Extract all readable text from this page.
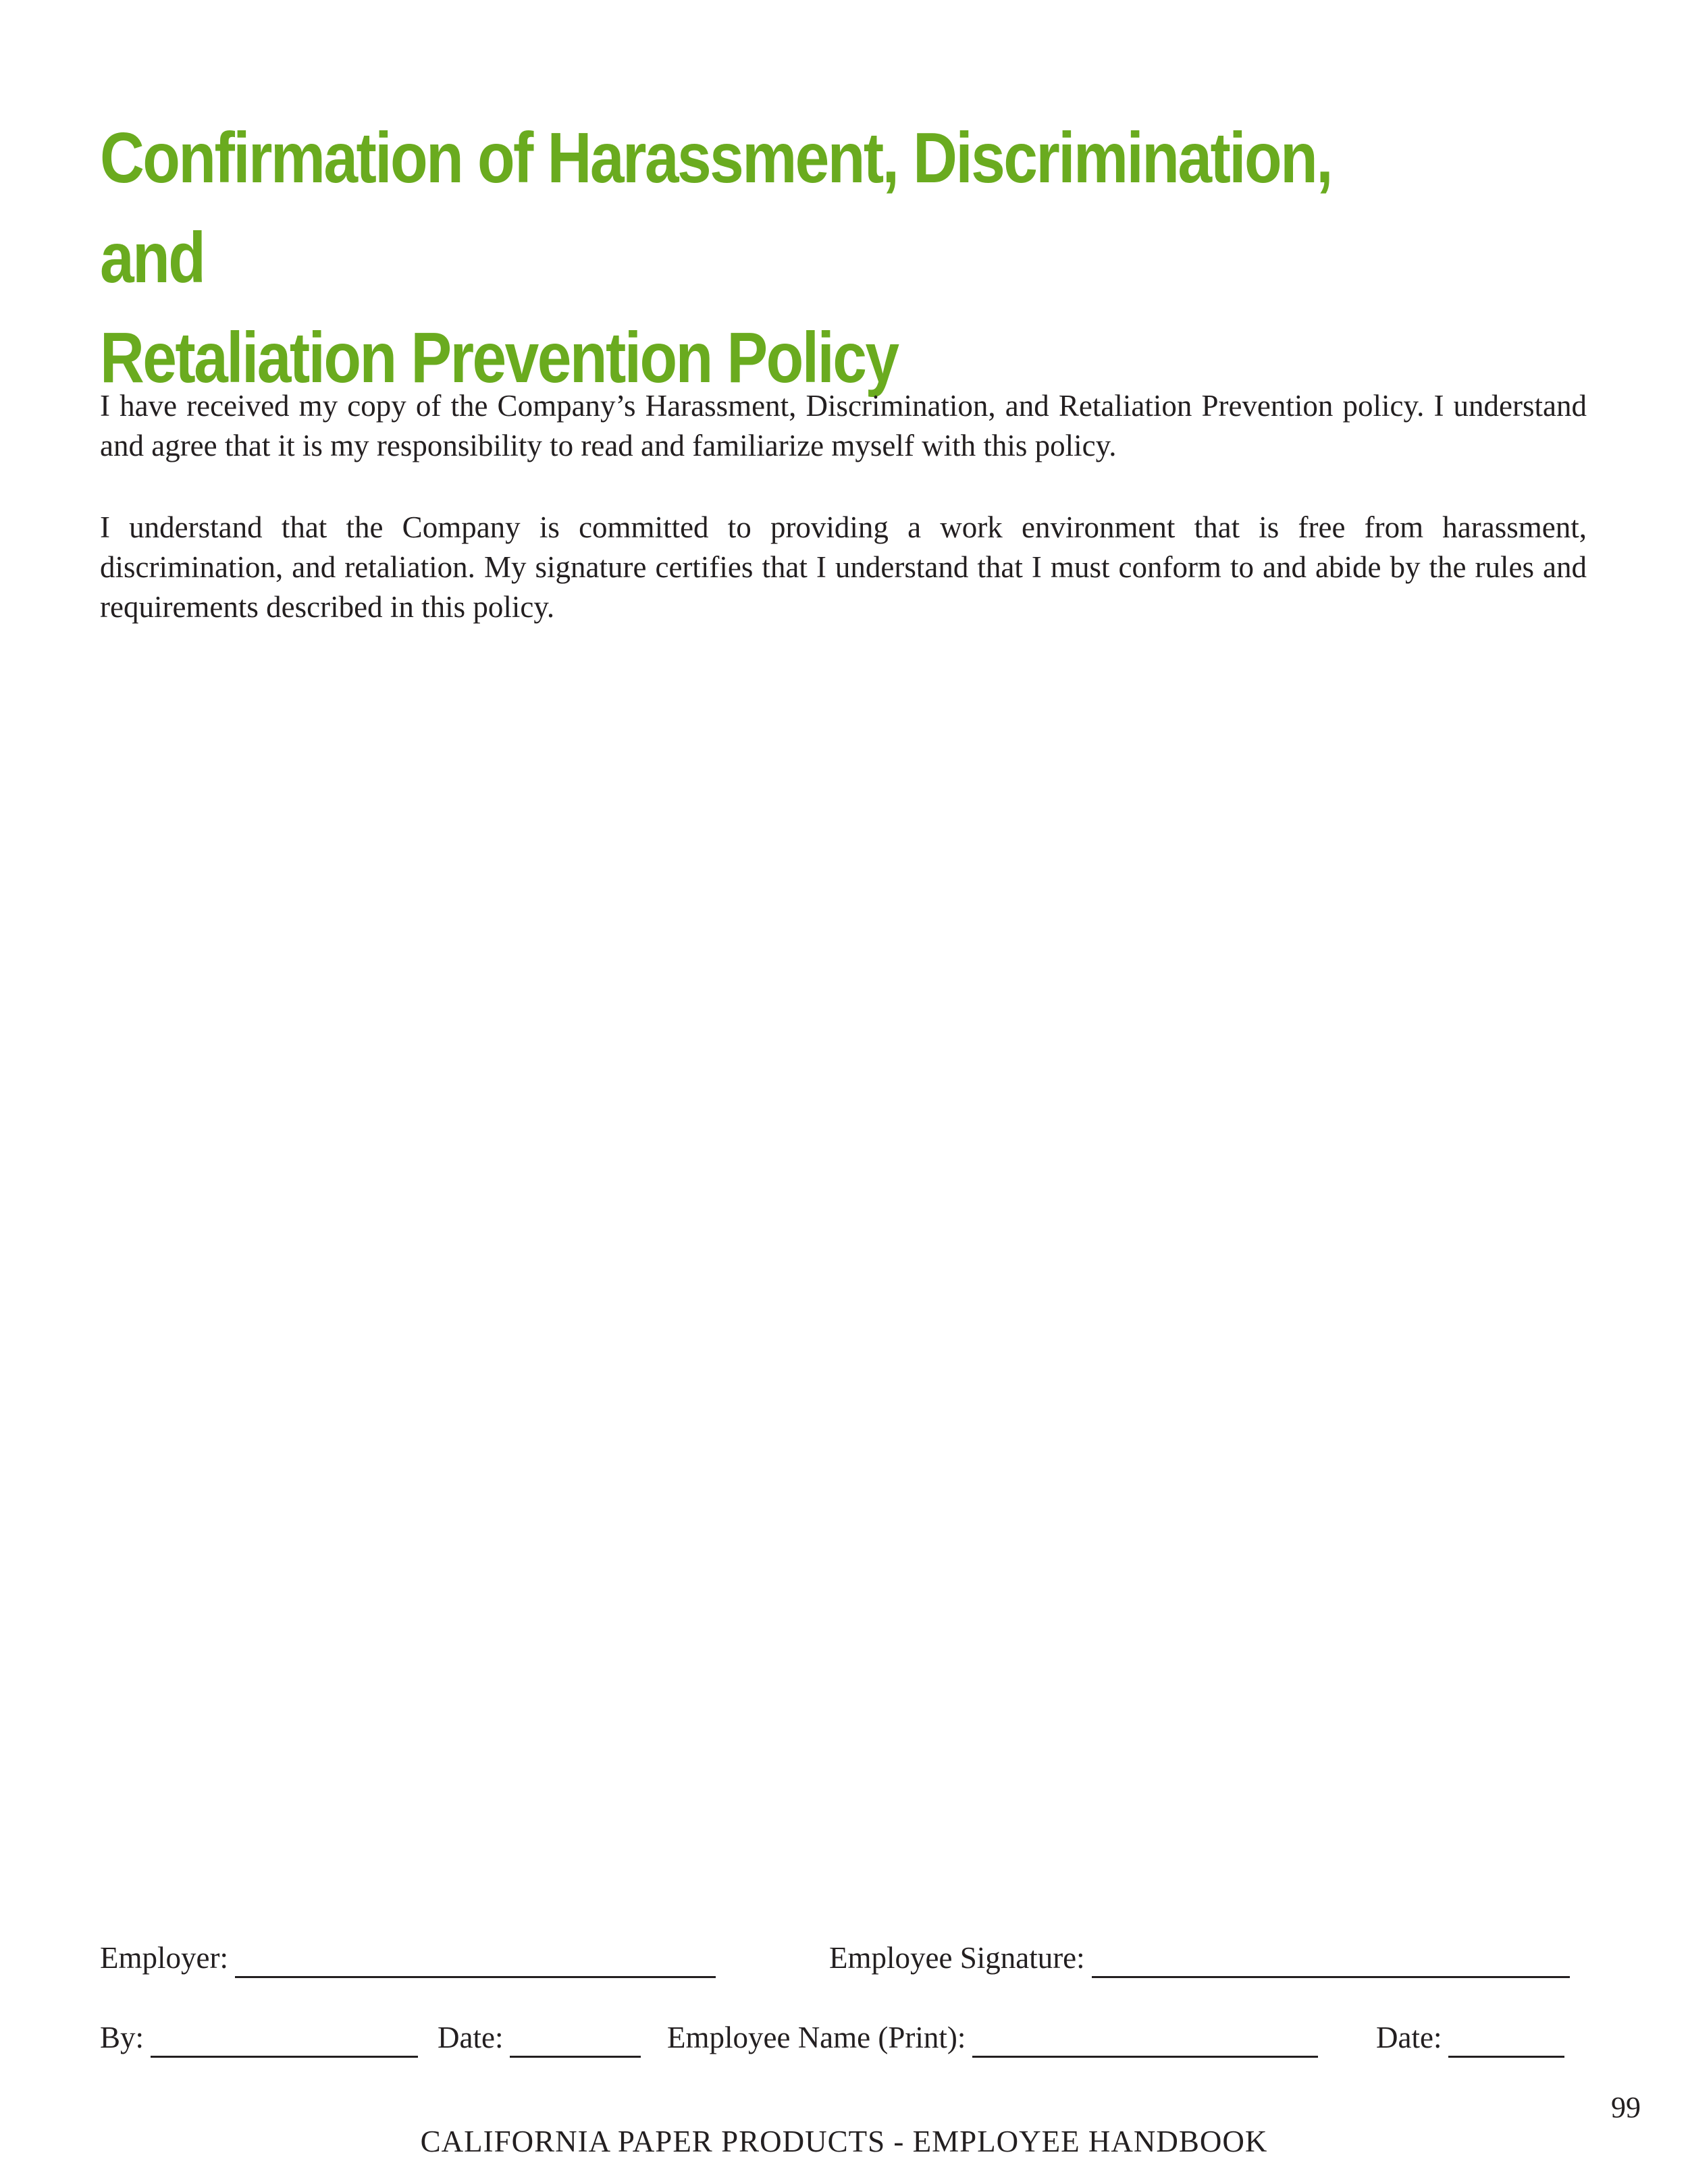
Confirmation of Harassment, Discrimination, and
Retaliation Prevention Policy
I have received my copy of the Company’s Harassment, Discrimination, and Retaliation Prevention policy. I understand and agree that it is my responsibility to read and familiarize myself with this policy.
I understand that the Company is committed to providing a work environment that is free from harassment, discrimination, and retaliation. My signature certifies that I understand that I must conform to and abide by the rules and requirements described in this policy.
Employer:	Employee Signature:
By:	Date:	Employee Name (Print):	Date:
99
CALIFORNIA PAPER PRODUCTS - EMPLOYEE HANDBOOK
